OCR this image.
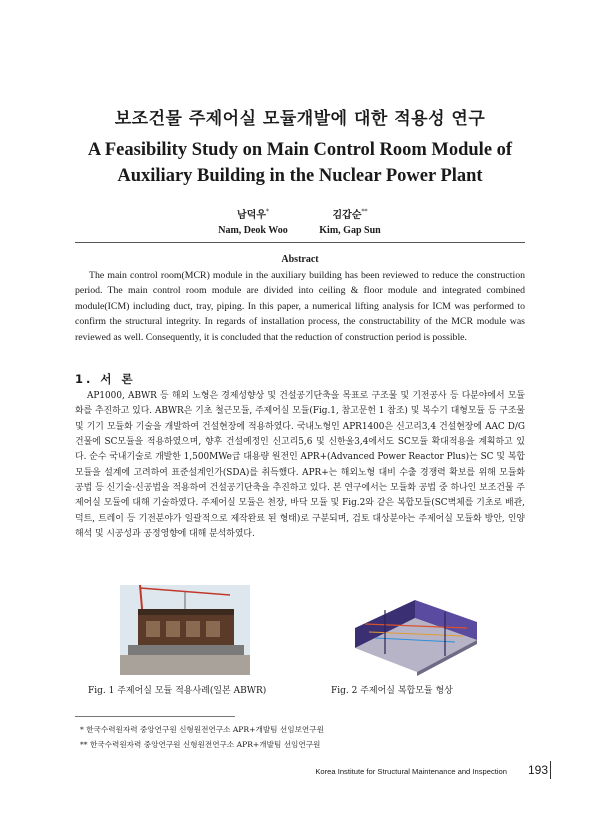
보조건물 주제어실 모듈개발에 대한 적용성 연구
A Feasibility Study on Main Control Room Module of
Auxiliary Building in the Nuclear Power Plant
남덕우*
Nam, Deok Woo
김갑순**
Kim, Gap Sun
Abstract
The main control room(MCR) module in the auxiliary building has been reviewed to reduce the construction period. The main control room module are divided into ceiling & floor module and integrated combined module(ICM) including duct, tray, piping. In this paper, a numerical lifting analysis for ICM was performed to confirm the structural integrity. In regards of installation process, the constructability of the MCR module was reviewed as well. Consequently, it is concluded that the reduction of construction period is possible.
1. 서 론
AP1000, ABWR 등 해외 노형은 경제성향상 및 건설공기단축을 목표로 구조물 및 기전공사 등 다분야에서 모듈화를 추진하고 있다. ABWR은 기초 철근모듈, 주제어실 모듈(Fig.1, 참고문헌 1 참조) 및 복수기 대형모듈 등 구조물 및 기기 모듈화 기술을 개발하여 건설현장에 적용하였다. 국내노형인 APR1400은 신고리3,4 건설현장에 AAC D/G 건물에 SC모듈을 적용하였으며, 향후 건설예정인 신고리5,6 및 신한울3,4에서도 SC모듈 확대적용을 계획하고 있다. 순수 국내기술로 개발한 1,500MWe급 대용량 원전인 APR+(Advanced Power Reactor Plus)는 SC 및 복합모듈을 설계에 고려하여 표준설계인가(SDA)를 취득했다. APR+는 해외노형 대비 수출 경쟁력 확보를 위해 모듈화 공법 등 신기술·신공법을 적용하여 건설공기단축을 추진하고 있다. 본 연구에서는 모듈화 공법 중 하나인 보조건물 주제어실 모듈에 대해 기술하였다. 주제어실 모듈은 천장, 바닥 모듈 및 Fig.2와 같은 복합모듈(SC벽체를 기초로 배관, 덕트, 트레이 등 기전분야가 일괄적으로 제작완료 된 형태)로 구분되며, 검토 대상분야는 주제어실 모듈화 방안, 인양해석 및 시공성과 공정영향에 대해 분석하였다.
Fig. 1 주제어실 모듈 적용사례(일본 ABWR)	Fig. 2 주제어실 복합모듈 형상
* 한국수력원자력 중앙연구원 신형원전연구소 APR+개발팀 선임보연구원
** 한국수력원자력 중앙연구원 신형원전연구소 APR+개발팀 선임연구원
Korea Institute for Structural Maintenance and Inspection 193
